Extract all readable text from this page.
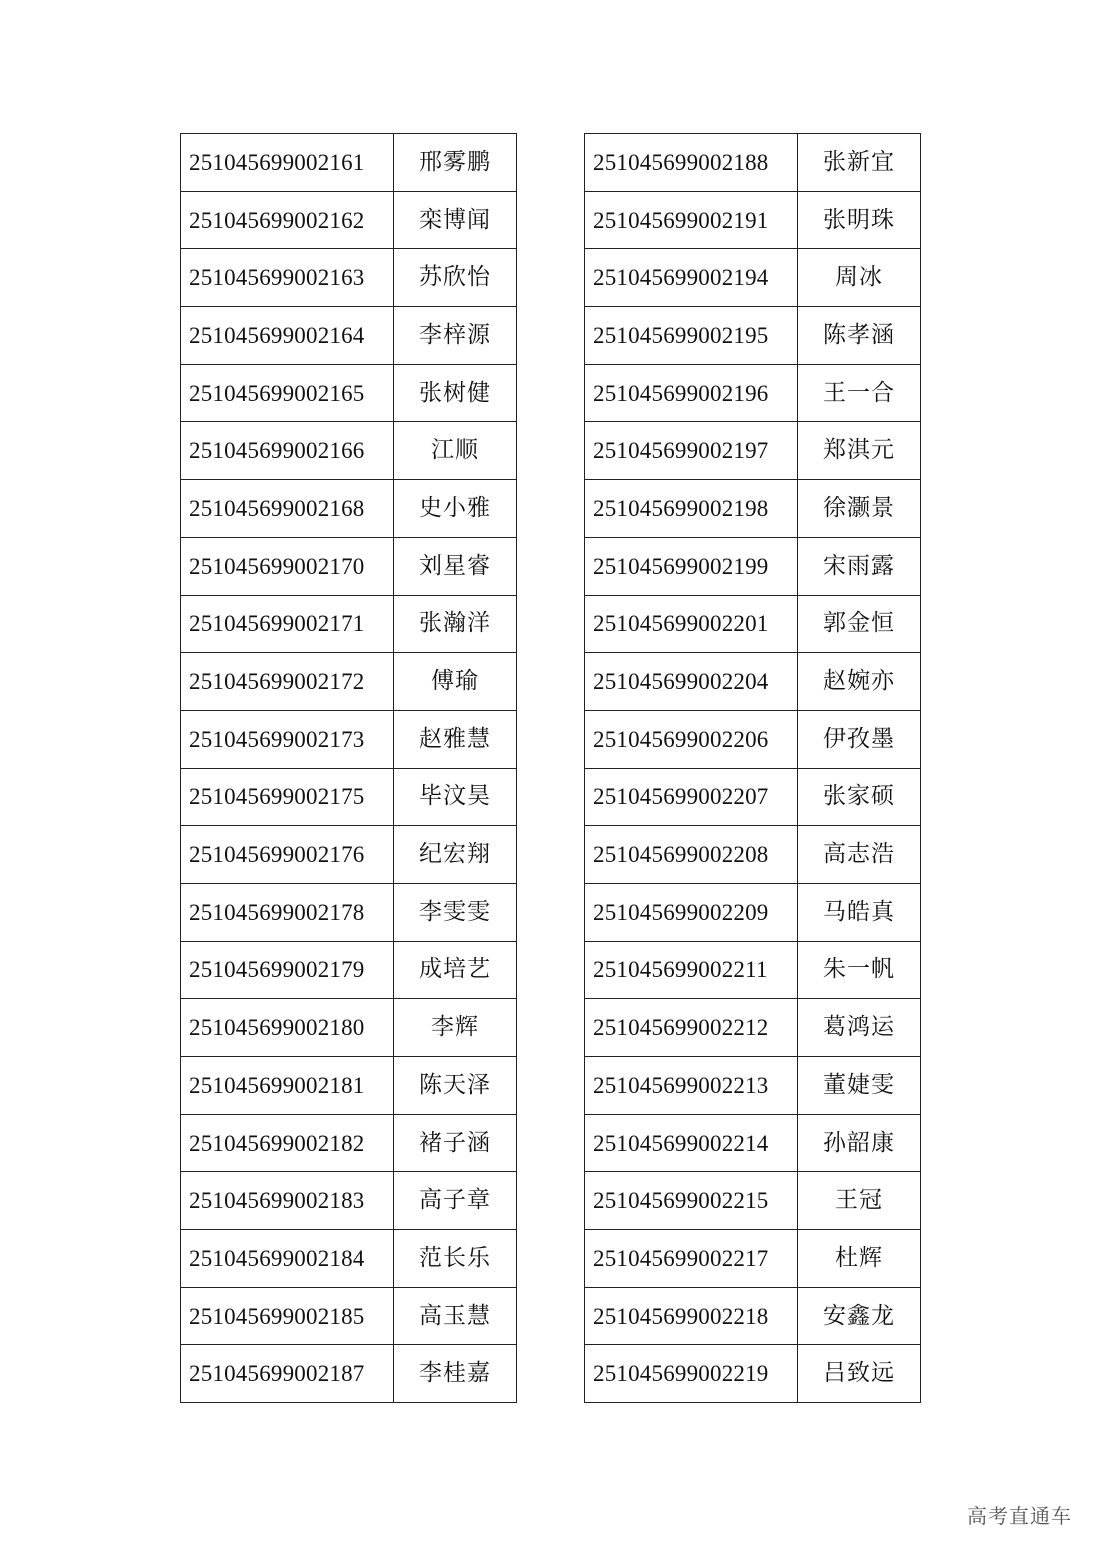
251045699002161	邢雾鹏
251045699002162	栾博闻
251045699002163	苏欣怡
251045699002164	李梓源
251045699002165	张树健
251045699002166	江顺
251045699002168	史小雅
251045699002170	刘星睿
251045699002171	张瀚洋
251045699002172	傅瑜
251045699002173	赵雅慧
251045699002175	毕汶昊
251045699002176	纪宏翔
251045699002178	李雯雯
251045699002179	成培艺
251045699002180	李辉
251045699002181	陈天泽
251045699002182	褚子涵
251045699002183	高子章
251045699002184	范长乐
251045699002185	高玉慧
251045699002187	李桂嘉
251045699002188	张新宜
251045699002191	张明珠
251045699002194	周冰
251045699002195	陈孝涵
251045699002196	王一合
251045699002197	郑淇元
251045699002198	徐灏景
251045699002199	宋雨露
251045699002201	郭金恒
251045699002204	赵婉亦
251045699002206	伊孜墨
251045699002207	张家硕
251045699002208	高志浩
251045699002209	马皓真
251045699002211	朱一帆
251045699002212	葛鸿运
251045699002213	董婕雯
251045699002214	孙韶康
251045699002215	王冠
251045699002217	杜辉
251045699002218	安鑫龙
251045699002219	吕致远
高考直通车
